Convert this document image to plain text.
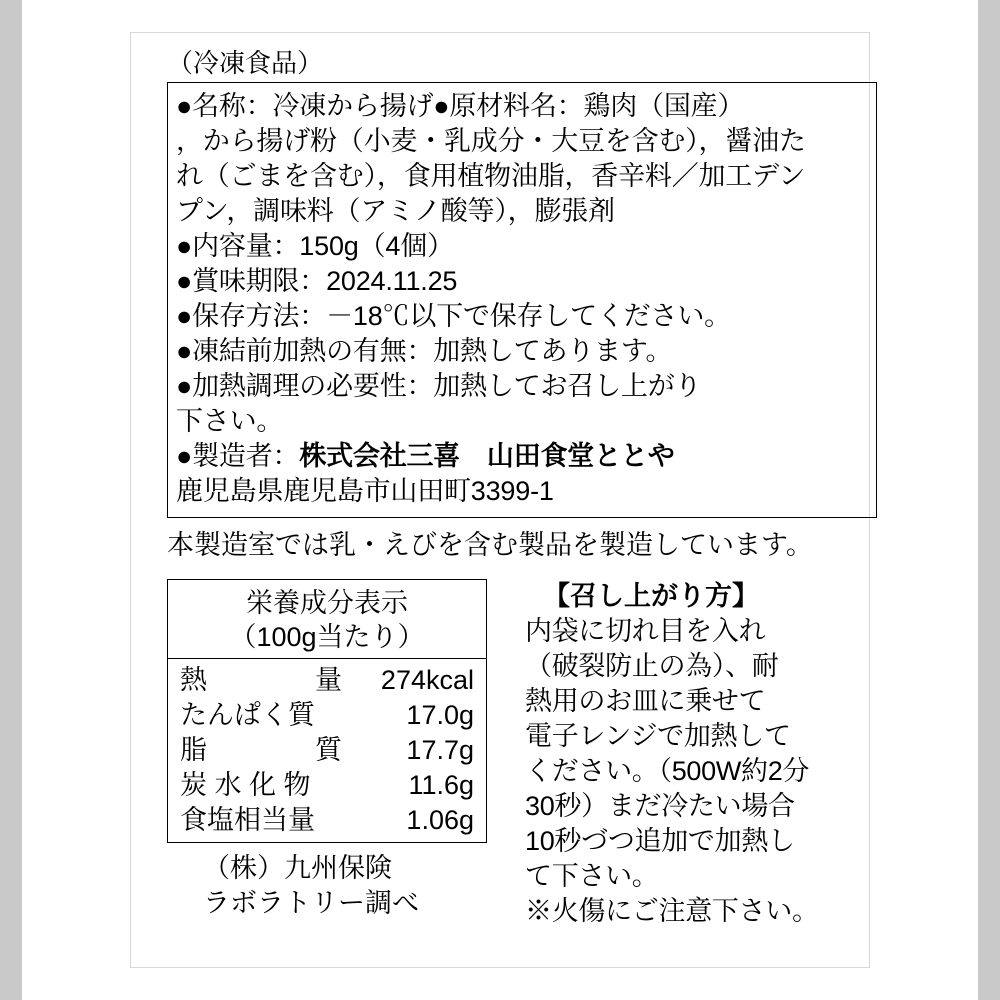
（冷凍食品）
●名称：冷凍から揚げ●原材料名：鶏肉（国産）
，から揚げ粉（小麦・乳成分・大豆を含む），醤油た
れ（ごまを含む），食用植物油脂，香辛料／加工デン
プン，調味料（アミノ酸等），膨張剤
●内容量：150g（4個）
●賞味期限：2024.11.25
●保存方法：－18℃以下で保存してください。
●凍結前加熱の有無：加熱してあります。
●加熱調理の必要性：加熱してお召し上がり
下さい。
●製造者：株式会社三喜　山田食堂ととや
鹿児島県鹿児島市山田町3399-1
本製造室では乳・えびを含む製品を製造しています。
栄養成分表示
（100g当たり）
熱　　　　量 274kcal
たんぱく質	17.0g
脂　　　　質 17.7g
炭 水 化 物	11.6g
食塩相当量	1.06g
（株）九州保険
ラボラトリー調べ
【召し上がり方】
内袋に切れ目を入れ
（破裂防止の為）、耐
熱用のお皿に乗せて
電子レンジで加熱して
ください。（500W約2分
30秒）まだ冷たい場合
10秒づつ追加で加熱し
て下さい。
※火傷にご注意下さい。
